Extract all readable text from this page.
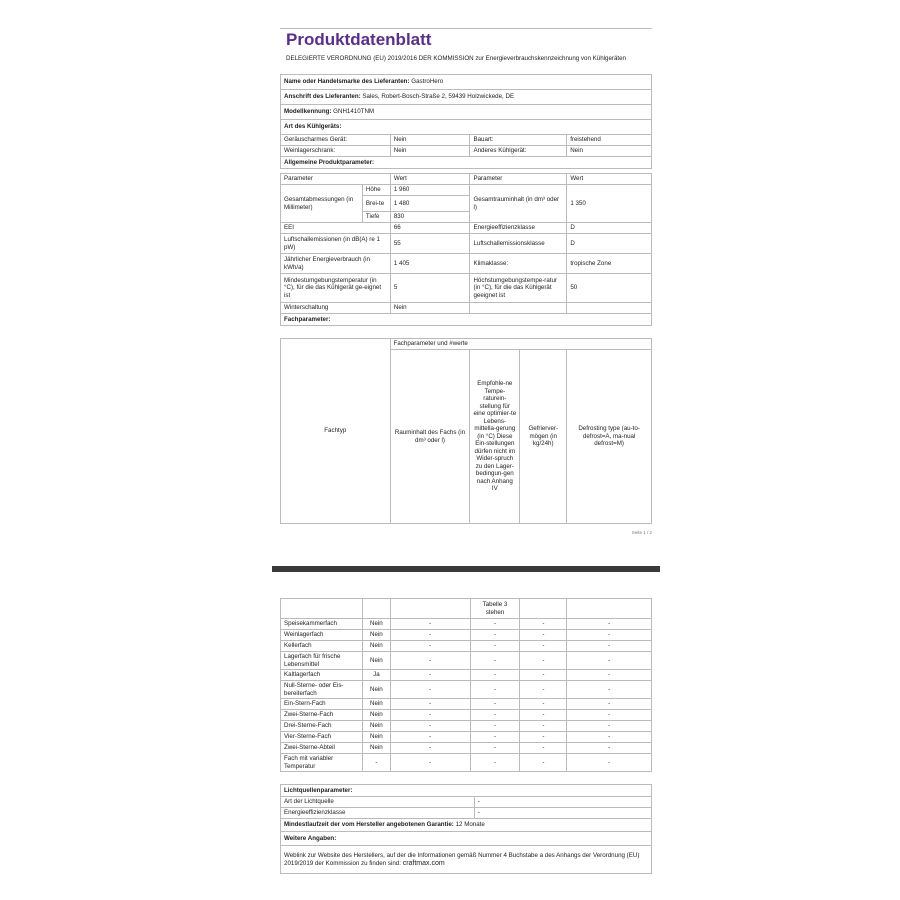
Produktdatenblatt
DELEGIERTE VERORDNUNG (EU) 2019/2016 DER KOMMISSION zur Energieverbrauchskennzeichnung von Kühlgeräten
Name oder Handelsmarke des Lieferanten: GastroHero
Anschrift des Lieferanten: Sales, Robert-Bosch-Straße 2, 59439 Holzwickede, DE
Modellkennung: GNH1410TNM
Art des Kühlgeräts:
Geräuscharmes Gerät:	Nein	Bauart:	freistehend
Weinlagerschrank:	Nein	Anderes Kühlgerät:	Nein
Allgemeine Produktparameter:			
Parameter		Wert	Parameter	Wert
Gesamtabmessungen (in Millimeter)	Höhe	1 960	Gesamtrauminhalt (in dm³ oder l)	1 350
	Brei-te	1 480		
	Tiefe	830		
EEI		66	Energieeffizienzklasse	D
Luftschallemissionen (in dB(A) re 1 pW)		55	Luftschallemissionsklasse	D
Jährlicher Energieverbrauch (in kWh/a)		1 405	Klimaklasse:	tropische Zone
Mindestumgebungstemperatur (in °C), für die das Kühlgerät ge-eignet ist		5	Höchstumgebungstempe-ratur (in °C), für die das Kühlgerät geeignet ist	50
Winterschaltung		Nein		
Fachparameter:				
Fachtyp	Fachparameter und #werte			
	Rauminhalt des Fachs (in dm³ oder l)	Empfohle-ne Tempe-raturein-stellung für eine optimier-te Lebens-mittella-gerung (in °C) Diese Ein-stellungen dürfen nicht im Wider-spruch zu den Lager-bedingun-gen nach Anhang IV	Gefrierver-mögen (in kg/24h)	Defrosting type (au-to-defrost=A, ma-nual defrost=M)
Seite 1 / 2
			Tabelle 3 stehen		
Speisekammerfach	Nein	-	-	-	-
Weinlagerfach	Nein	-	-	-	-
Kellerfach	Nein	-	-	-	-
Lagerfach für frische Lebensmittel	Nein	-	-	-	-
Kaltlagerfach	Ja	-	-	-	-
Null-Sterne- oder Eis-bereiterfach	Nein	-	-	-	-
Ein-Stern-Fach	Nein	-	-	-	-
Zwei-Sterne-Fach	Nein	-	-	-	-
Drei-Sterne-Fach	Nein	-	-	-	-
Vier-Sterne-Fach	Nein	-	-	-	-
Zwei-Sterne-Abteil	Nein	-	-	-	-
Fach mit variabler Temperatur	-	-	-	-	-
Lichtquellenparameter:	
Art der Lichtquelle	-
Energieeffizienzklasse	-
Mindestlaufzeit der vom Hersteller angebotenen Garantie: 12 Monate	
Weitere Angaben:	
Weblink zur Website des Herstellers, auf der die Informationen gemäß Nummer 4 Buchstabe a des Anhangs der Verordnung (EU) 2019/2019 der Kommission zu finden sind: craftmax.com	
